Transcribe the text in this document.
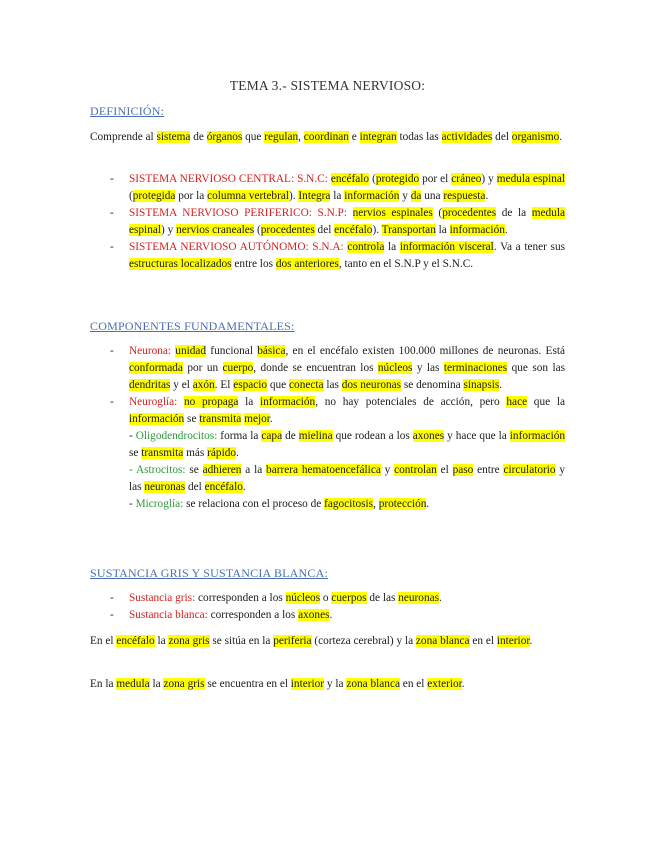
TEMA 3.- SISTEMA NERVIOSO:
DEFINICIÓN:
Comprende al sistema de órganos que regulan, coordinan e integran todas las actividades del organismo.
- SISTEMA NERVIOSO CENTRAL: S.N.C: encéfalo (protegido por el cráneo) y medula espinal (protegida por la columna vertebral). Integra la información y da una respuesta.
- SISTEMA NERVIOSO PERIFERICO: S.N.P: nervios espinales (procedentes de la medula espinal) y nervios craneales (procedentes del encéfalo). Transportan la información.
- SISTEMA NERVIOSO AUTÓNOMO: S.N.A: controla la información visceral. Va a tener sus estructuras localizados entre los dos anteriores, tanto en el S.N.P y el S.N.C.
COMPONENTES FUNDAMENTALES:
- Neurona: unidad funcional básica, en el encéfalo existen 100.000 millones de neuronas. Está conformada por un cuerpo, donde se encuentran los núcleos y las terminaciones que son las dendritas y el axón. El espacio que conecta las dos neuronas se denomina sinapsis.
- Neuroglía: no propaga la información, no hay potenciales de acción, pero hace que la información se transmita mejor.
- Oligodendrocitos: forma la capa de mielina que rodean a los axones y hace que la información se transmita más rápido.
- Astrocitos: se adhieren a la barrera hematoencefálica y controlan el paso entre circulatorio y las neuronas del encéfalo.
- Microglía: se relaciona con el proceso de fagocitosis, protección.
SUSTANCIA GRIS Y SUSTANCIA BLANCA:
- Sustancia gris: corresponden a los núcleos o cuerpos de las neuronas.
- Sustancia blanca: corresponden a los axones.
En el encéfalo la zona gris se sitúa en la periferia (corteza cerebral) y la zona blanca en el interior.
En la medula la zona gris se encuentra en el interior y la zona blanca en el exterior.
